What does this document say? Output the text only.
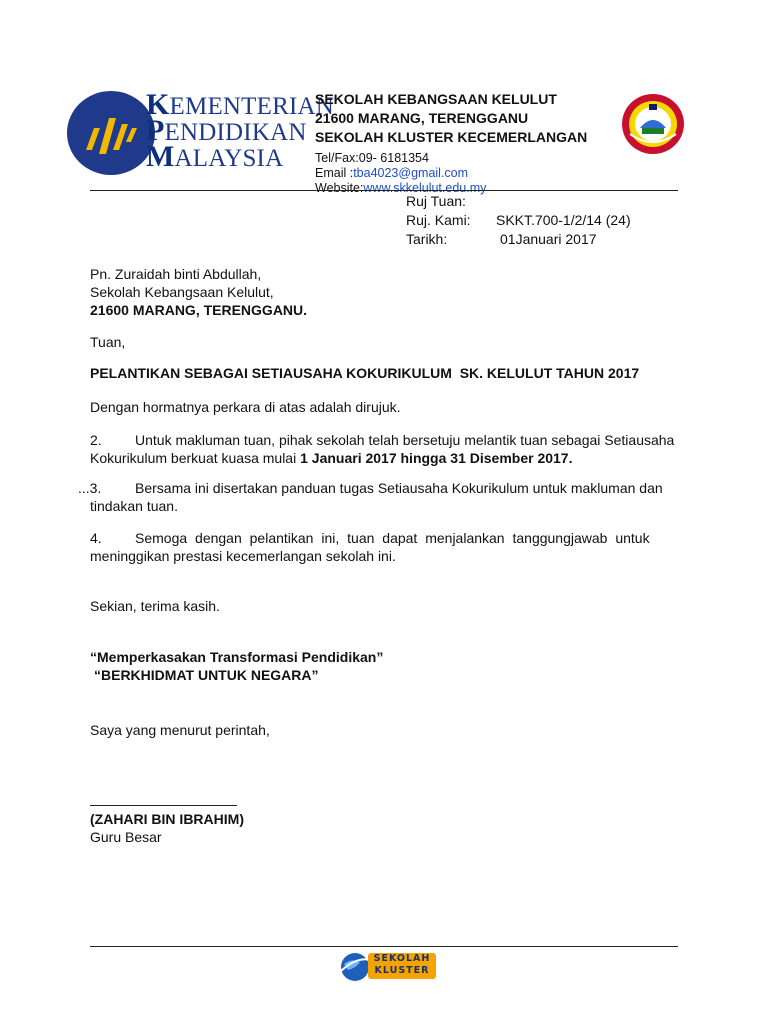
KEMENTERIAN
PENDIDIKAN
MALAYSIA
SEKOLAH KEBANGSAAN KELULUT
21600 MARANG, TERENGGANU
SEKOLAH KLUSTER KECEMERLANGAN
Tel/Fax:09- 6181354
Email :tba4023@gmail.com
Website:www.skkelulut.edu.my
Ruj Tuan:
Ruj. Kami: SKKT.700-1/2/14 (24)
Tarikh:	01Januari 2017
Pn. Zuraidah binti Abdullah,
Sekolah Kebangsaan Kelulut,
21600 MARANG, TERENGGANU.
Tuan,
PELANTIKAN SEBAGAI SETIAUSAHA KOKURIKULUM  SK. KELULUT TAHUN 2017
Dengan hormatnya perkara di atas adalah dirujuk.
2. Untuk makluman tuan, pihak sekolah telah bersetuju melantik tuan sebagai Setiausaha
Kokurikulum berkuat kuasa mulai 1 Januari 2017 hingga 31 Disember 2017.
...3. Bersama ini disertakan panduan tugas Setiausaha Kokurikulum untuk makluman dan
tindakan tuan.
4. Semoga dengan pelantikan ini, tuan dapat menjalankan tanggungjawab untuk
meninggikan prestasi kecemerlangan sekolah ini.
Sekian, terima kasih.
“Memperkasakan Transformasi Pendidikan”
“BERKHIDMAT UNTUK NEGARA”
Saya yang menurut perintah,
(ZAHARI BIN IBRAHIM)
Guru Besar
SEKOLAH
KLUSTER
